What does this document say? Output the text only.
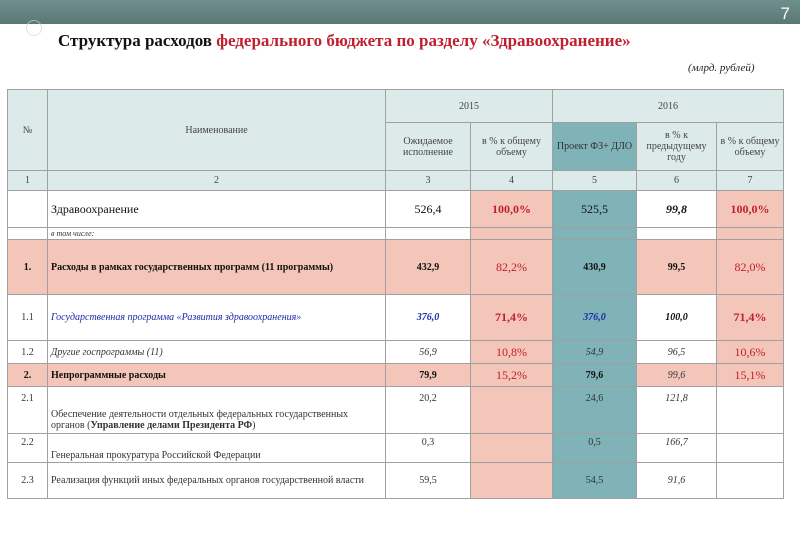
7
Структура расходов федерального бюджета по разделу «Здравоохранение»
(млрд. рублей)
№	Наименование	2015		2016		
		Ожидаемое исполнение	в % к общему объему	Проект ФЗ+ ДЛО	в % к предыдущему году	в % к общему объему
1	2	3	4	5	6	7
	Здравоохранение	526,4	100,0%	525,5	99,8	100,0%
	в том числе:					
1.	Расходы в рамках государственных программ (11 программы)	432,9	82,2%	430,9	99,5	82,0%
1.1	Государственная программа «Развития здравоохранения»	376,0	71,4%	376,0	100,0	71,4%
1.2	Другие госпрограммы (11)	56,9	10,8%	54,9	96,5	10,6%
2.	Непрограммные расходы	79,9	15,2%	79,6	99,6	15,1%
2.1	Обеспечение деятельности отдельных федеральных государственных органов (Управление делами Президента РФ)	20,2		24,6	121,8	
2.2	Генеральная прокуратура Российской Федерации	0,3		0,5	166,7	
2.3	Реализация функций иных федеральных органов государственной власти	59,5		54,5	91,6	
